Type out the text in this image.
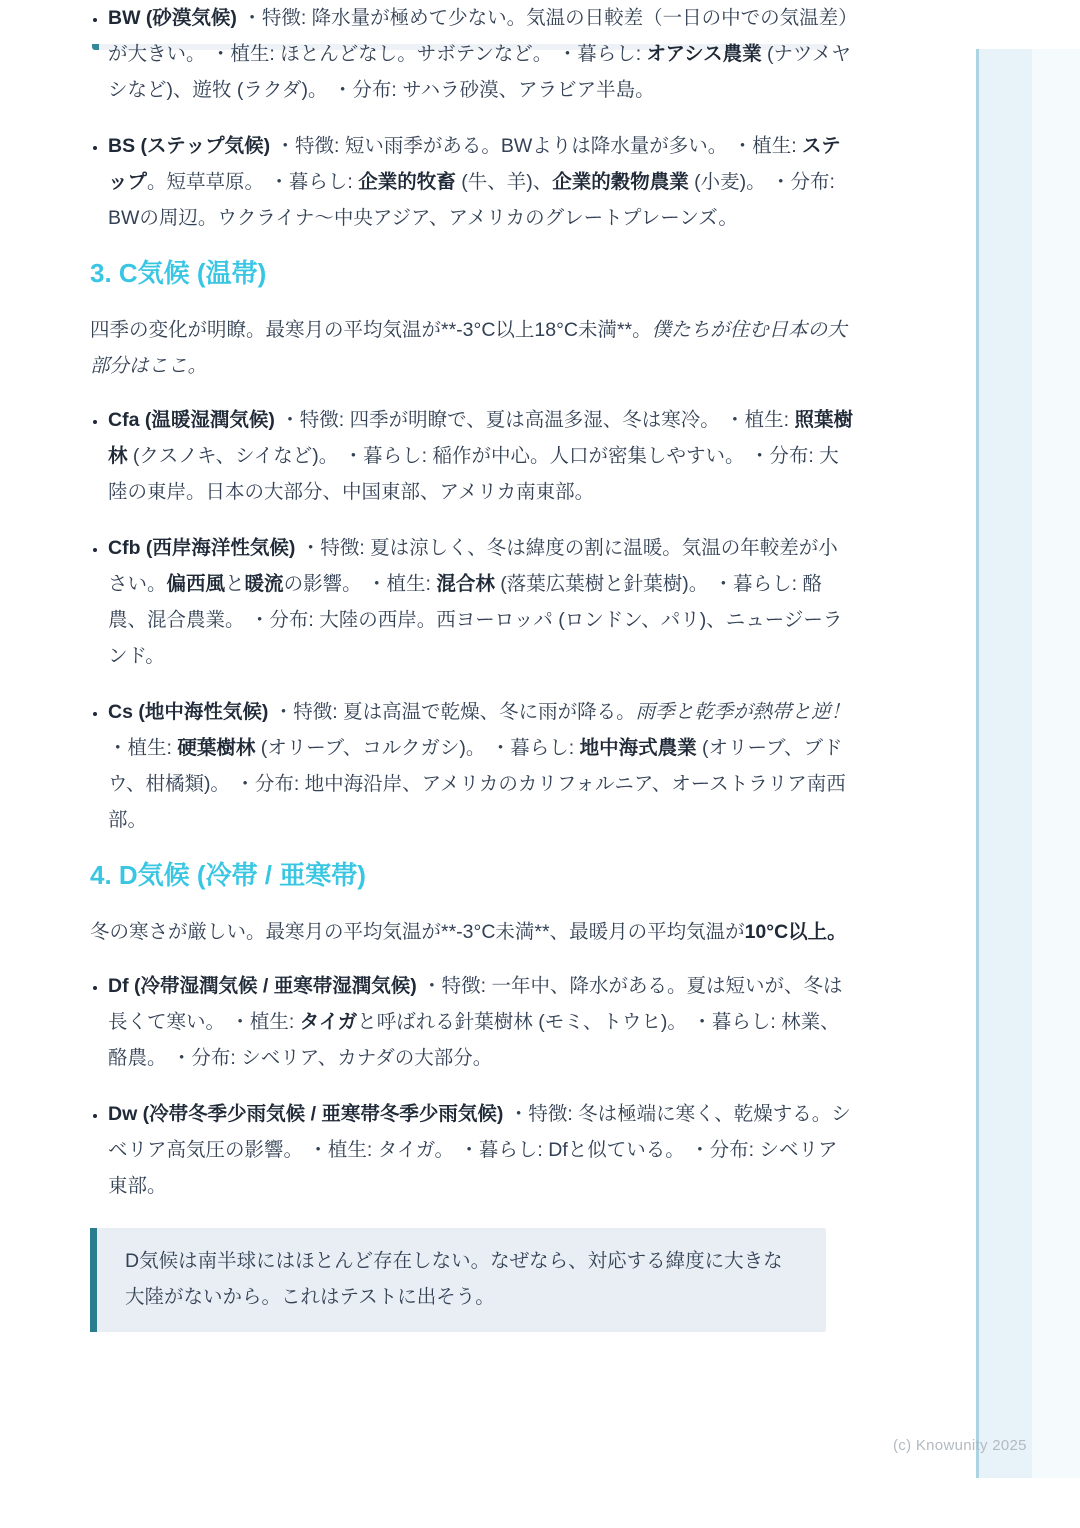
• BW (砂漠気候) ・特徴: 降水量が極めて少ない。気温の日較差（一日の中での気温差）が大きい。 ・植生: ほとんどなし。サボテンなど。 ・暮らし: オアシス農業 (ナツメヤシなど)、遊牧 (ラクダ)。 ・分布: サハラ砂漠、アラビア半島。
• BS (ステップ気候) ・特徴: 短い雨季がある。BWよりは降水量が多い。 ・植生: ステップ。短草草原。 ・暮らし: 企業的牧畜 (牛、羊)、企業的穀物農業 (小麦)。 ・分布: BWの周辺。ウクライナ～中央アジア、アメリカのグレートプレーンズ。
3. C気候 (温帯)

四季の変化が明瞭。最寒月の平均気温が**-3°C以上18°C未満**。僕たちが住む日本の大部分はここ。

• Cfa (温暖湿潤気候) ・特徴: 四季が明瞭で、夏は高温多湿、冬は寒冷。 ・植生: 照葉樹林 (クスノキ、シイなど)。 ・暮らし: 稲作が中心。人口が密集しやすい。 ・分布: 大陸の東岸。日本の大部分、中国東部、アメリカ南東部。
• Cfb (西岸海洋性気候) ・特徴: 夏は涼しく、冬は緯度の割に温暖。気温の年較差が小さい。偏西風と暖流の影響。 ・植生: 混合林 (落葉広葉樹と針葉樹)。 ・暮らし: 酪農、混合農業。 ・分布: 大陸の西岸。西ヨーロッパ (ロンドン、パリ)、ニュージーランド。
• Cs (地中海性気候) ・特徴: 夏は高温で乾燥、冬に雨が降る。雨季と乾季が熱帯と逆！ ・植生: 硬葉樹林 (オリーブ、コルクガシ)。 ・暮らし: 地中海式農業 (オリーブ、ブドウ、柑橘類)。 ・分布: 地中海沿岸、アメリカのカリフォルニア、オーストラリア南西部。
4. D気候 (冷帯 / 亜寒帯)

冬の寒さが厳しい。最寒月の平均気温が**-3°C未満**、最暖月の平均気温が10°C以上。

• Df (冷帯湿潤気候 / 亜寒帯湿潤気候) ・特徴: 一年中、降水がある。夏は短いが、冬は長くて寒い。 ・植生: タイガと呼ばれる針葉樹林 (モミ、トウヒ)。 ・暮らし: 林業、酪農。 ・分布: シベリア、カナダの大部分。
• Dw (冷帯冬季少雨気候 / 亜寒帯冬季少雨気候) ・特徴: 冬は極端に寒く、乾燥する。シベリア高気圧の影響。 ・植生: タイガ。 ・暮らし: Dfと似ている。 ・分布: シベリア東部。

D気候は南半球にはほとんど存在しない。なぜなら、対応する緯度に大きな大陸がないから。これはテストに出そう。

(c) Knowunity 2025
